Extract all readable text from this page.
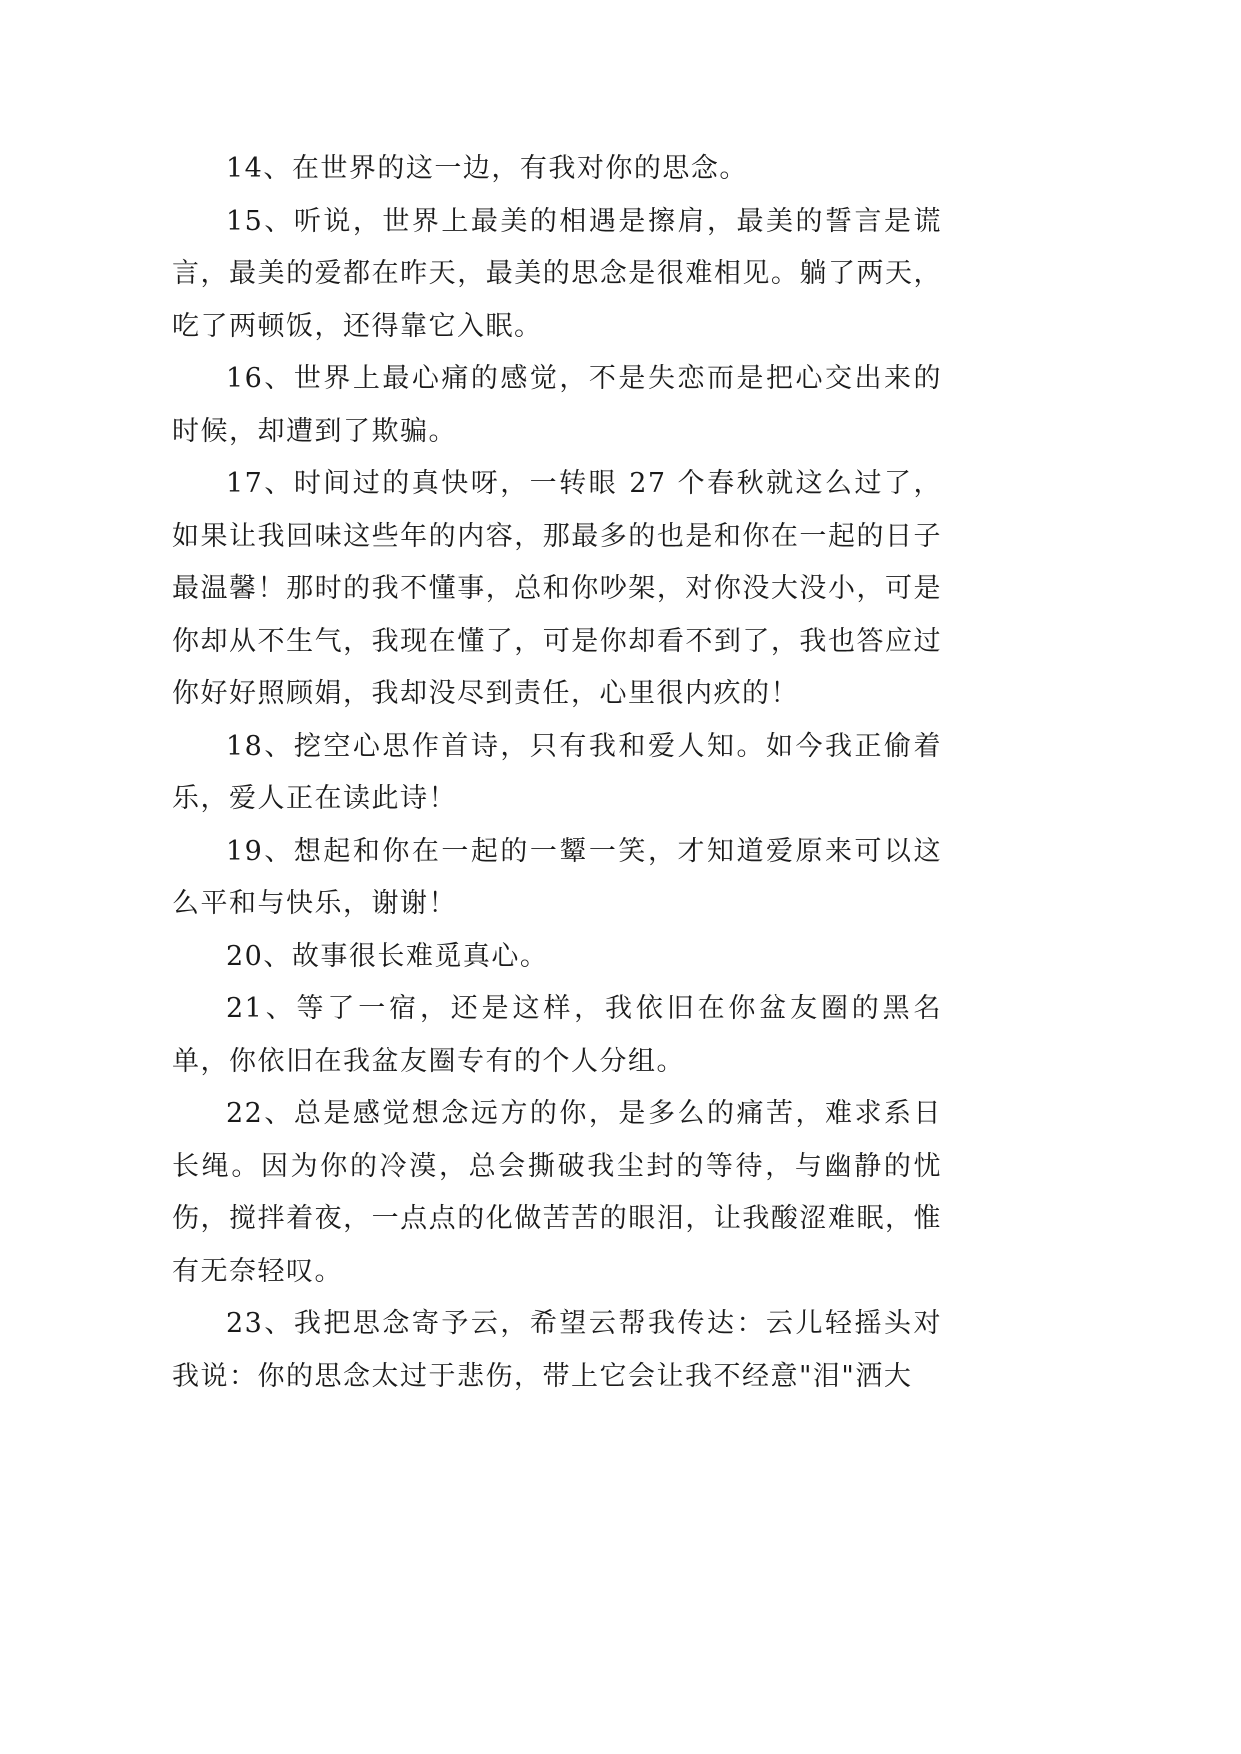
14、在世界的这一边，有我对你的思念。

15、听说，世界上最美的相遇是擦肩，最美的誓言是谎言，最美的爱都在昨天，最美的思念是很难相见。躺了两天，吃了两顿饭，还得靠它入眠。

16、世界上最心痛的感觉，不是失恋而是把心交出来的时候，却遭到了欺骗。

17、时间过的真快呀，一转眼 27 个春秋就这么过了，如果让我回味这些年的内容，那最多的也是和你在一起的日子最温馨！那时的我不懂事，总和你吵架，对你没大没小，可是你却从不生气，我现在懂了，可是你却看不到了，我也答应过你好好照顾娟，我却没尽到责任，心里很内疚的！

18、挖空心思作首诗，只有我和爱人知。如今我正偷着乐，爱人正在读此诗！

19、想起和你在一起的一颦一笑，才知道爱原来可以这么平和与快乐，谢谢！

20、故事很长难觅真心。

21、等了一宿，还是这样，我依旧在你盆友圈的黑名单，你依旧在我盆友圈专有的个人分组。

22、总是感觉想念远方的你，是多么的痛苦，难求系日长绳。因为你的冷漠，总会撕破我尘封的等待，与幽静的忧伤，搅拌着夜，一点点的化做苦苦的眼泪，让我酸涩难眠，惟有无奈轻叹。

23、我把思念寄予云，希望云帮我传达：云儿轻摇头对我说：你的思念太过于悲伤，带上它会让我不经意"泪"洒大
